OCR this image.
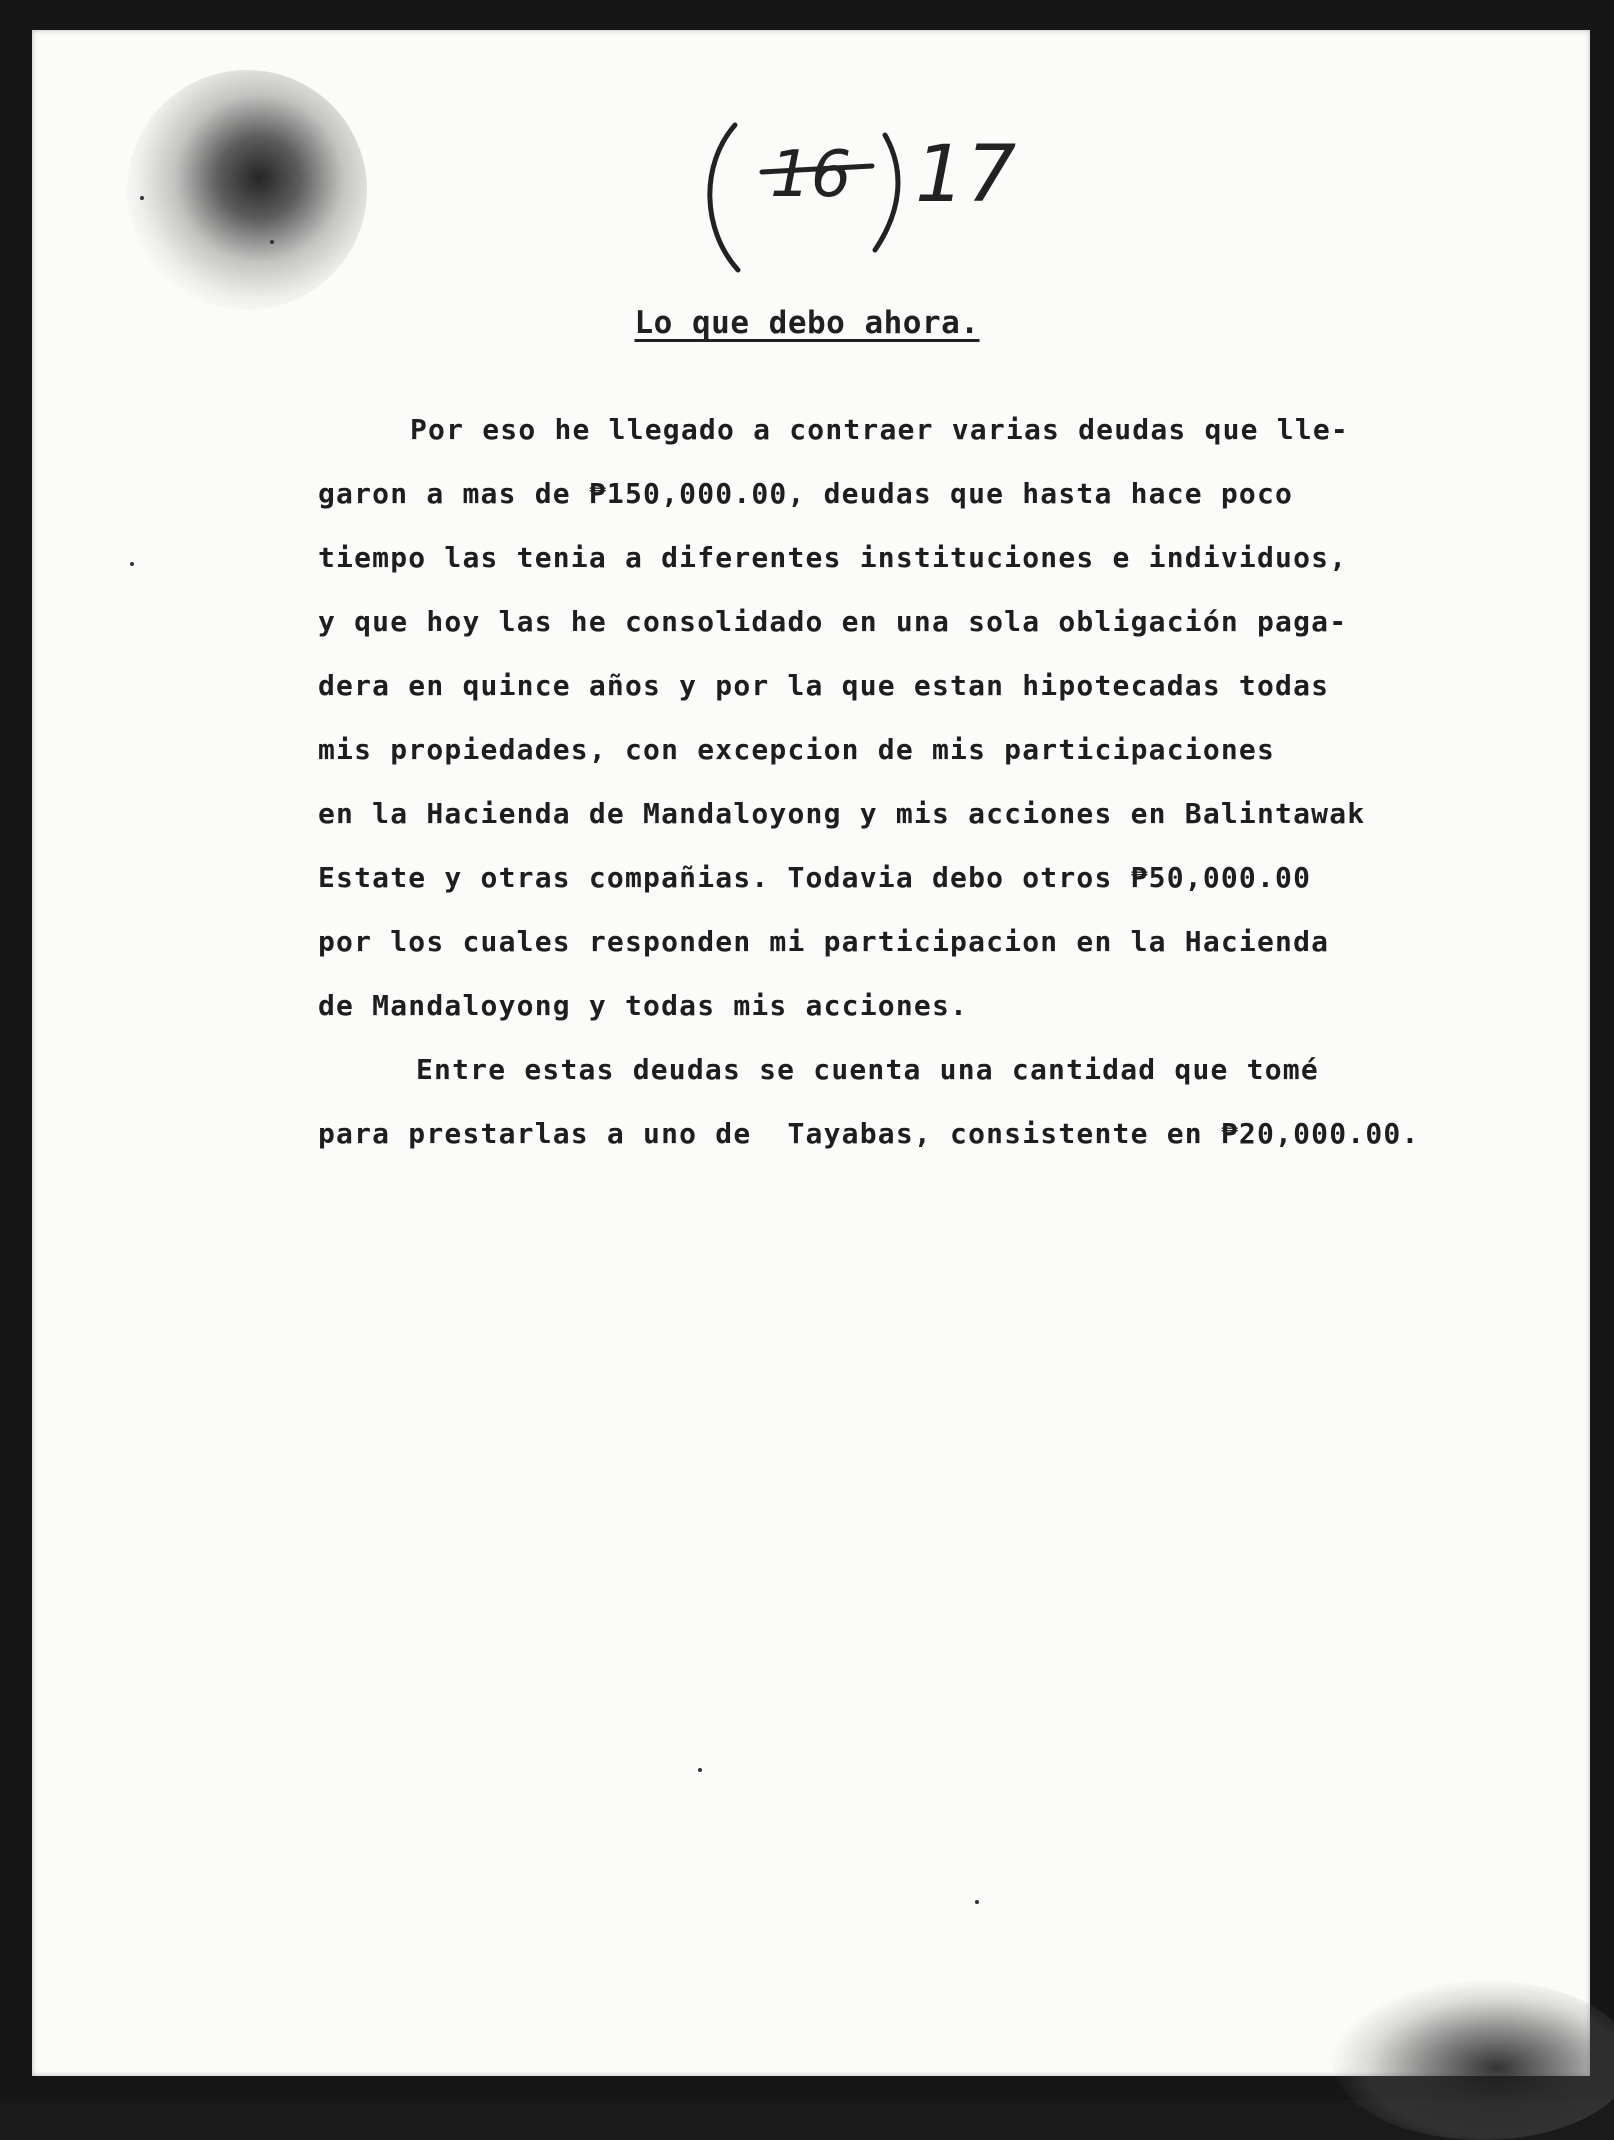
16 17
Lo que debo ahora.
Por eso he llegado a contraer varias deudas que lle-
garon a mas de ₱150,000.00, deudas que hasta hace poco
tiempo las tenia a diferentes instituciones e individuos,
y que hoy las he consolidado en una sola obligación paga-
dera en quince años y por la que estan hipotecadas todas
mis propiedades, con excepcion de mis participaciones
en la Hacienda de Mandaloyong y mis acciones en Balintawak
Estate y otras compañias. Todavia debo otros ₱50,000.00
por los cuales responden mi participacion en la Hacienda
de Mandaloyong y todas mis acciones.
Entre estas deudas se cuenta una cantidad que tomé
para prestarlas a uno de  Tayabas, consistente en ₱20,000.00.
